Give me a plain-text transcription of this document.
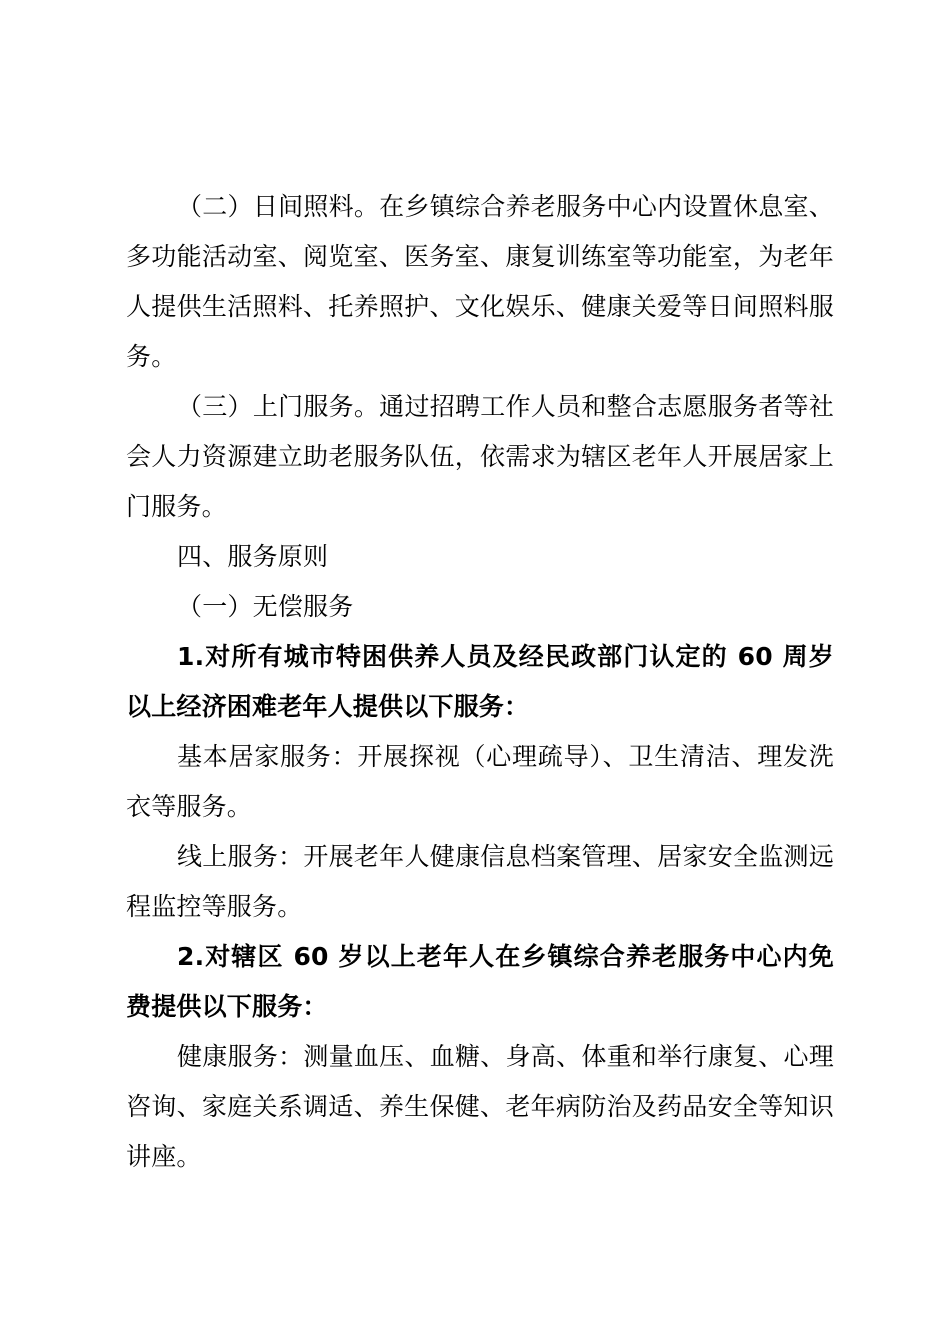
（二）日间照料。在乡镇综合养老服务中心内设置休息室、多功能活动室、阅览室、医务室、康复训练室等功能室，为老年人提供生活照料、托养照护、文化娱乐、健康关爱等日间照料服务。

（三）上门服务。通过招聘工作人员和整合志愿服务者等社会人力资源建立助老服务队伍，依需求为辖区老年人开展居家上门服务。

四、服务原则

（一）无偿服务

1.对所有城市特困供养人员及经民政部门认定的 60 周岁以上经济困难老年人提供以下服务：

基本居家服务：开展探视（心理疏导）、卫生清洁、理发洗衣等服务。

线上服务：开展老年人健康信息档案管理、居家安全监测远程监控等服务。

2.对辖区 60 岁以上老年人在乡镇综合养老服务中心内免费提供以下服务：

健康服务：测量血压、血糖、身高、体重和举行康复、心理咨询、家庭关系调适、养生保健、老年病防治及药品安全等知识讲座。
